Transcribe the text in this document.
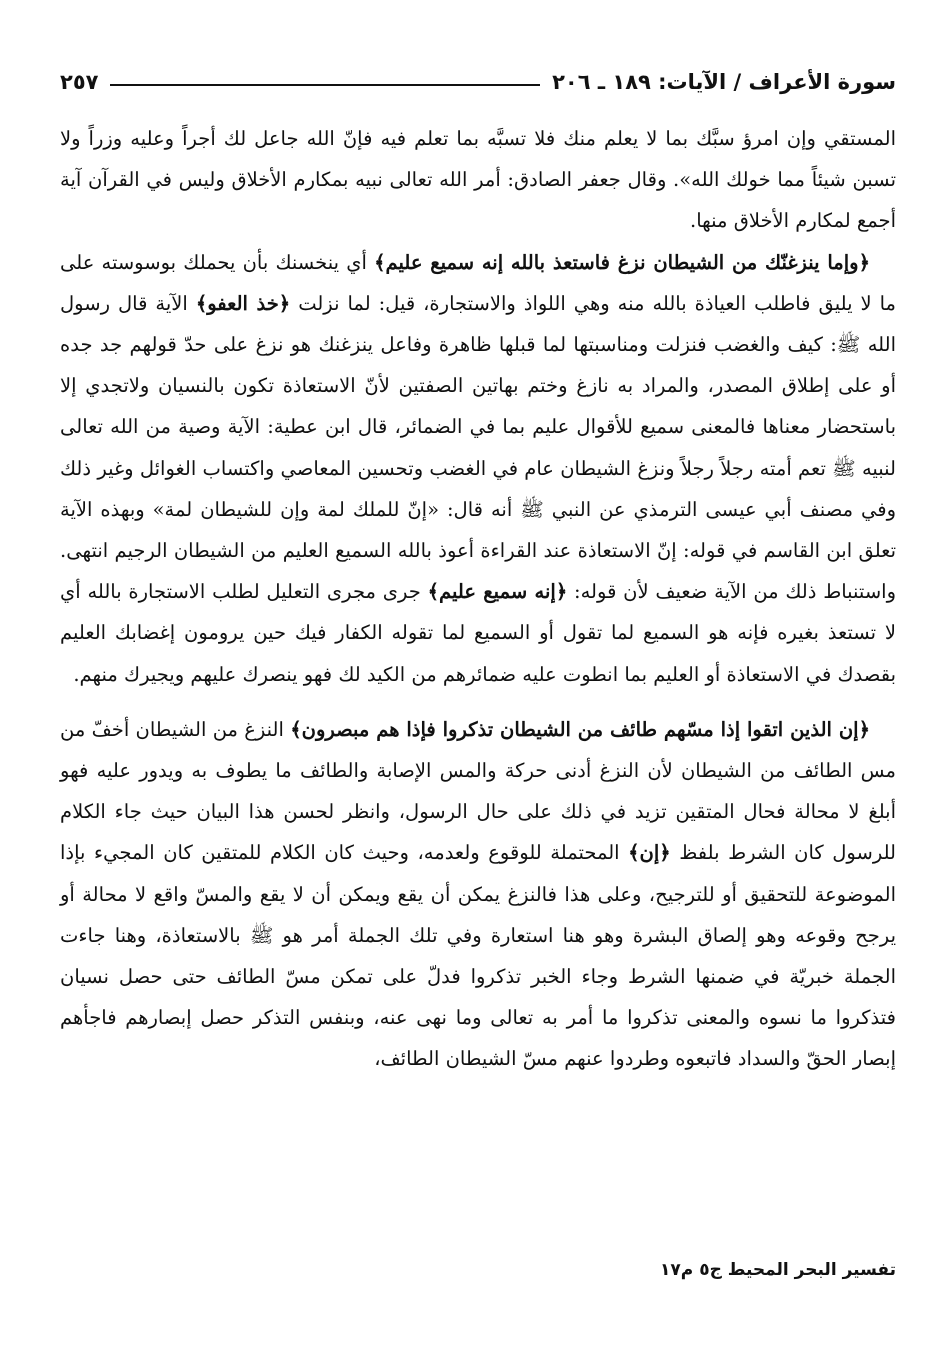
سورة الأعراف / الآيات: ١٨٩ ـ ٢٠٦
٢٥٧

المستقي وإن امرؤ سبَّك بما لا يعلم منك فلا تسبَّه بما تعلم فيه فإنّ الله جاعل لك أجراً وعليه وزراً ولا تسبن شيئاً مما خولك الله». وقال جعفر الصادق: أمر الله تعالى نبيه بمكارم الأخلاق وليس في القرآن آية أجمع لمكارم الأخلاق منها.

﴿وإما ينزغنّك من الشيطان نزغ فاستعذ بالله إنه سميع عليم﴾ أي ينخسنك بأن يحملك بوسوسته على ما لا يليق فاطلب العياذة بالله منه وهي اللواذ والاستجارة، قيل: لما نزلت ﴿خذ العفو﴾ الآية قال رسول الله ﷺ: كيف والغضب فنزلت ومناسبتها لما قبلها ظاهرة وفاعل ينزغنك هو نزغ على حدّ قولهم جد جده أو على إطلاق المصدر، والمراد به نازغ وختم بهاتين الصفتين لأنّ الاستعاذة تكون بالنسيان ولاتجدي إلا باستحضار معناها فالمعنى سميع للأقوال عليم بما في الضمائر، قال ابن عطية: الآية وصية من الله تعالى لنبيه ﷺ تعم أمته رجلاً رجلاً ونزغ الشيطان عام في الغضب وتحسين المعاصي واكتساب الغوائل وغير ذلك وفي مصنف أبي عيسى الترمذي عن النبي ﷺ أنه قال: «إنّ للملك لمة وإن للشيطان لمة» وبهذه الآية تعلق ابن القاسم في قوله: إنّ الاستعاذة عند القراءة أعوذ بالله السميع العليم من الشيطان الرجيم انتهى. واستنباط ذلك من الآية ضعيف لأن قوله: ﴿إنه سميع عليم﴾ جرى مجرى التعليل لطلب الاستجارة بالله أي لا تستعذ بغيره فإنه هو السميع لما تقول أو السميع لما تقوله الكفار فيك حين يرومون إغضابك العليم بقصدك في الاستعاذة أو العليم بما انطوت عليه ضمائرهم من الكيد لك فهو ينصرك عليهم ويجيرك منهم.

﴿إن الذين اتقوا إذا مسّهم طائف من الشيطان تذكروا فإذا هم مبصرون﴾ النزغ من الشيطان أخفّ من مس الطائف من الشيطان لأن النزغ أدنى حركة والمس الإصابة والطائف ما يطوف به ويدور عليه فهو أبلغ لا محالة فحال المتقين تزيد في ذلك على حال الرسول، وانظر لحسن هذا البيان حيث جاء الكلام للرسول كان الشرط بلفظ ﴿إن﴾ المحتملة للوقوع ولعدمه، وحيث كان الكلام للمتقين كان المجيء بإذا الموضوعة للتحقيق أو للترجيح، وعلى هذا فالنزغ يمكن أن يقع ويمكن أن لا يقع والمسّ واقع لا محالة أو يرجح وقوعه وهو إلصاق البشرة وهو هنا استعارة وفي تلك الجملة أمر هو ﷺ بالاستعاذة، وهنا جاءت الجملة خبريّة في ضمنها الشرط وجاء الخبر تذكروا فدلّ على تمكن مسّ الطائف حتى حصل نسيان فتذكروا ما نسوه والمعنى تذكروا ما أمر به تعالى وما نهى عنه، وبنفس التذكر حصل إبصارهم فاجأهم إبصار الحقّ والسداد فاتبعوه وطردوا عنهم مسّ الشيطان الطائف،

تفسير البحر المحيط ج٥ م١٧
